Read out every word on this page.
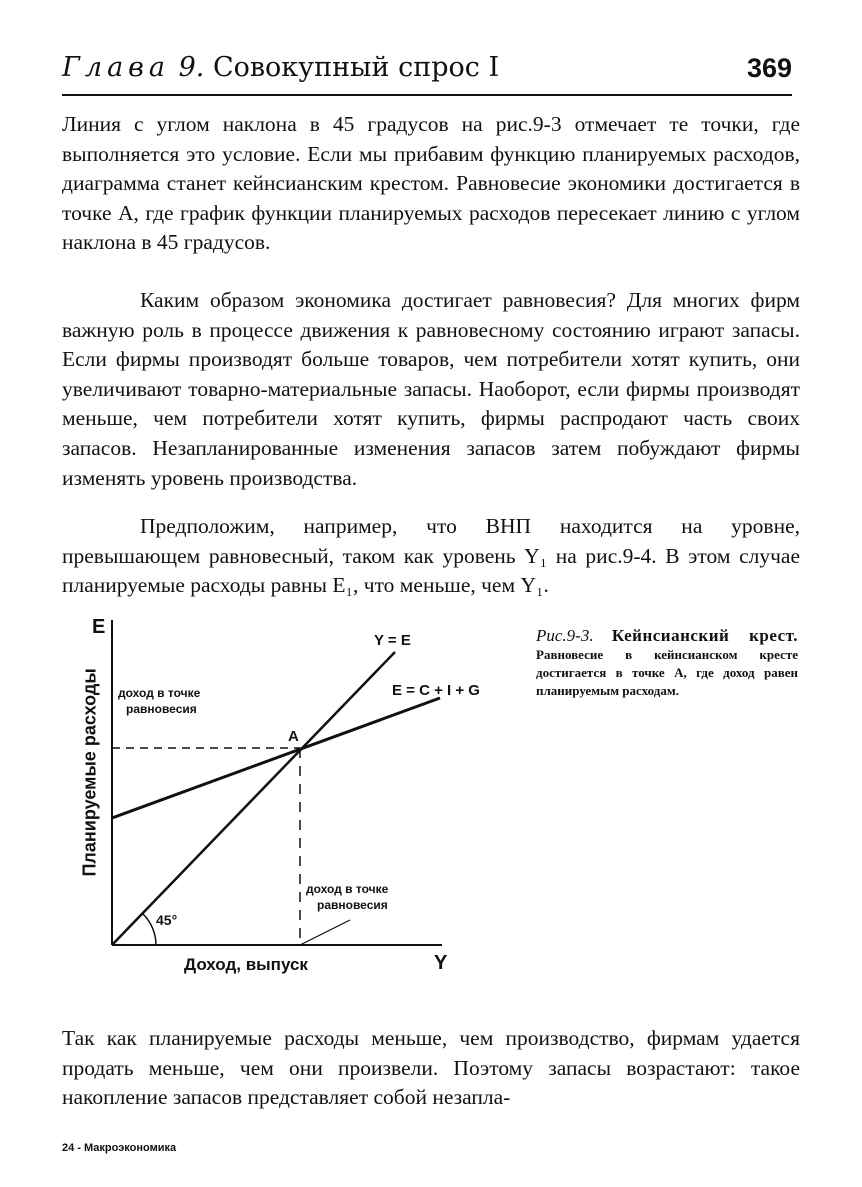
Глава 9. Совокупный спрос I	369

Линия с углом наклона в 45 градусов на рис.9-3 отмечает те точки, где выполняется это условие. Если мы прибавим функцию планируемых расходов, диаграмма станет кейнсианским крестом. Равновесие экономики достигается в точке A, где график функции планируемых расходов пересекает линию с углом наклона в 45 градусов.

Каким образом экономика достигает равновесия? Для многих фирм важную роль в процессе движения к равновесному состоянию играют запасы. Если фирмы производят больше товаров, чем потребители хотят купить, они увеличивают товарно-материальные запасы. Наоборот, если фирмы производят меньше, чем потребители хотят купить, фирмы распродают часть своих запасов. Незапланированные изменения запасов затем побуждают фирмы изменять уровень производства.

Предположим, например, что ВНП находится на уровне, превышающем равновесный, таком как уровень Y₁ на рис.9-4. В этом случае планируемые расходы равны E₁, что меньше, чем Y₁.

E
Y
Доход, выпуск
Планируемые расходы
Y = E
E = C + I + G
A
45°
доход в точке
равновесия
доход в точке
равновесия
Рис.9-3. Кейнсианский крест. Равновесие в кейнсианском кресте достигается в точке A, где доход равен планируемым расходам.

Так как планируемые расходы меньше, чем производство, фирмам удается продать меньше, чем они произвели. Поэтому запасы возрастают: такое накопление запасов представляет собой незапла-

24 - Макроэкономика
